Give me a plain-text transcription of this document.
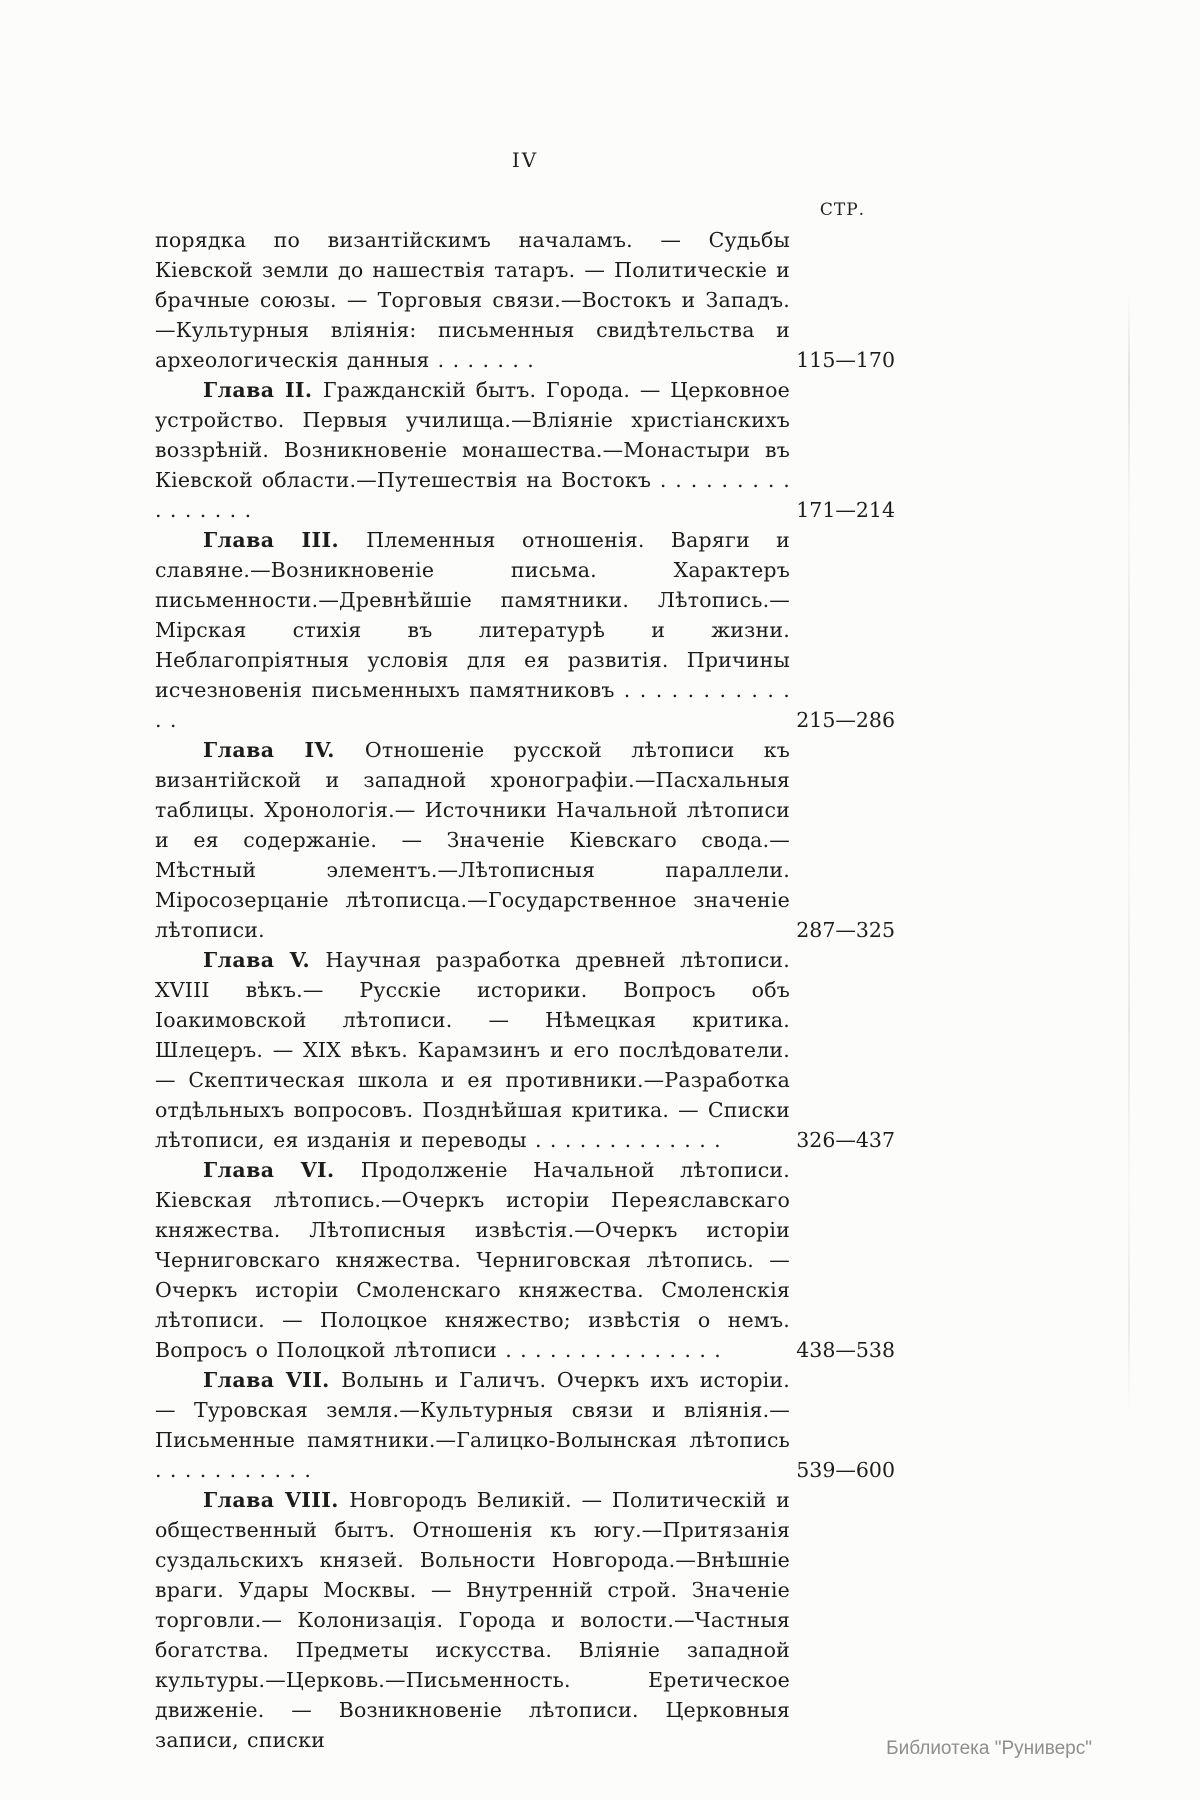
IV
СТР.

порядка по византійскимъ началамъ. — Судьбы Кіевской земли до нашествія татаръ. — Политическіе и брачные союзы. — Торговыя связи.—Востокъ и Западъ.—Культурныя вліянія: письменныя свидѣтельства и археологическія данныя . . . . . . .	115—170

Глава II. Гражданскій бытъ. Города. — Церковное устройство. Первыя училища.—Вліяніе христіанскихъ воззрѣній. Возникновеніе монашества.—Монастыри въ Кіевской области.—Путешествія на Востокъ . . . . . . . . . . . . . . . .	171—214

Глава III. Племенныя отношенія. Варяги и славяне.—Возникновеніе письма. Характеръ письменности.—Древнѣйшіе памятники. Лѣтопись.— Мірская стихія въ литературѣ и жизни. Неблагопріятныя условія для ея развитія. Причины исчезновенія письменныхъ памятниковъ . . . . . . . . . . . . .	215—286

Глава IV. Отношеніе русской лѣтописи къ византійской и западной хронографіи.—Пасхальныя таблицы. Хронологія.— Источники Начальной лѣтописи и ея содержаніе. — Значеніе Кіевскаго свода.—Мѣстный элементъ.—Лѣтописныя параллели. Міросозерцаніе лѣтописца.—Государственное значеніе лѣтописи.	287—325

Глава V. Научная разработка древней лѣтописи. XVIII вѣкъ.— Русскіе историки. Вопросъ объ Іоакимовской лѣтописи. — Нѣмецкая критика. Шлецеръ. — XIX вѣкъ. Карамзинъ и его послѣдователи. — Скептическая школа и ея противники.—Разработка отдѣльныхъ вопросовъ. Позднѣйшая критика. — Списки лѣтописи, ея изданія и переводы . . . . . . . . . . . . .	326—437

Глава VI. Продолженіе Начальной лѣтописи. Кіевская лѣтопись.—Очеркъ исторіи Переяславскаго княжества. Лѣтописныя извѣстія.—Очеркъ исторіи Черниговскаго княжества. Черниговская лѣтопись. — Очеркъ исторіи Смоленскаго княжества. Смоленскія лѣтописи. — Полоцкое княжество; извѣстія о немъ. Вопросъ о Полоцкой лѣтописи . . . . . . . . . . . . . . .	438—538

Глава VII. Волынь и Галичъ. Очеркъ ихъ исторіи. — Туровская земля.—Культурныя связи и вліянія.—Письменные памятники.—Галицко-Волынская лѣтопись . . . . . . . . . . .	539—600

Глава VIII. Новгородъ Великій. — Политическій и общественный бытъ. Отношенія къ югу.—Притязанія суздальскихъ князей. Вольности Новгорода.—Внѣшніе враги. Удары Москвы. — Внутренній строй. Значеніе торговли.— Колонизація. Города и волости.—Частныя богатства. Предметы искусства. Вліяніе западной культуры.—Церковь.—Письменность. Еретическое движеніе. — Возникновеніе лѣтописи. Церковныя записи, списки	Библиотека "Руниверс"
